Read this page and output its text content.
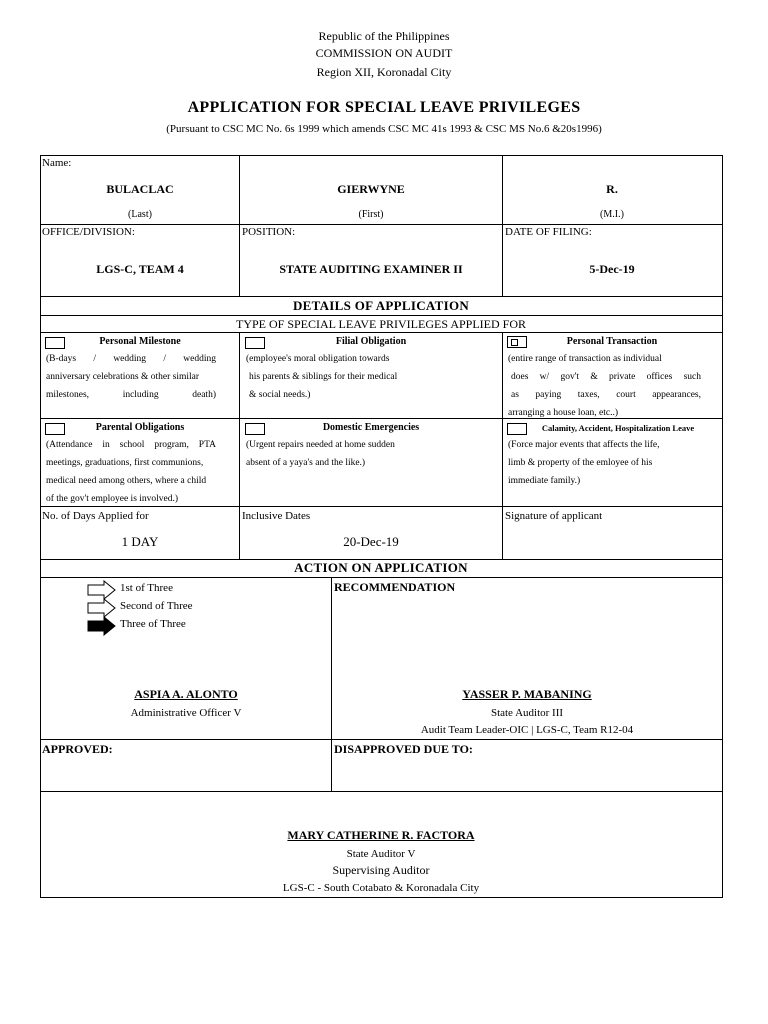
Republic of the Philippines
COMMISSION ON AUDIT
Region XII, Koronadal City
APPLICATION FOR SPECIAL LEAVE PRIVILEGES
(Pursuant to CSC MC No. 6s 1999 which amends CSC MC 41s 1993 & CSC MS No.6 &20s1996)
Name:
BULACLAC
(Last)
GIERWYNE
(First)
R.
(M.I.)
OFFICE/DIVISION:
LGS-C, TEAM 4
POSITION:
STATE AUDITING EXAMINER II
DATE OF FILING:
5-Dec-19
DETAILS OF APPLICATION
TYPE OF SPECIAL LEAVE PRIVILEGES APPLIED FOR
Personal Milestone
(B-days / wedding / wedding
anniversary celebrations & other similar
milestones, including death)
Filial Obligation
(employee's moral obligation towards
his parents & siblings for their medical
& social needs.)
Personal Transaction
(entire range of transaction as individual
does w/ gov't & private offices such
as paying taxes, court appearances,
arranging a house loan, etc..)
Parental Obligations
(Attendance in school program, PTA
meetings, graduations, first communions,
medical need among others, where a child
of the gov't employee is involved.)
Domestic Emergencies
(Urgent repairs needed at home sudden
absent of a yaya's and the like.)
Calamity, Accident, Hospitalization Leave
(Force major events that affects the life,
limb & property of the emloyee of his
immediate family.)
No. of Days Applied for
1 DAY
Inclusive Dates
20-Dec-19
Signature of applicant
ACTION ON APPLICATION
1st of Three
Second of Three
Three of Three
RECOMMENDATION
ASPIA A. ALONTO
Administrative Officer V
YASSER P. MABANING
State Auditor III
Audit Team Leader-OIC | LGS-C, Team R12-04
APPROVED:	DISAPPROVED DUE TO:
MARY CATHERINE R. FACTORA
State Auditor V
Supervising Auditor
LGS-C - South Cotabato & Koronadala City
